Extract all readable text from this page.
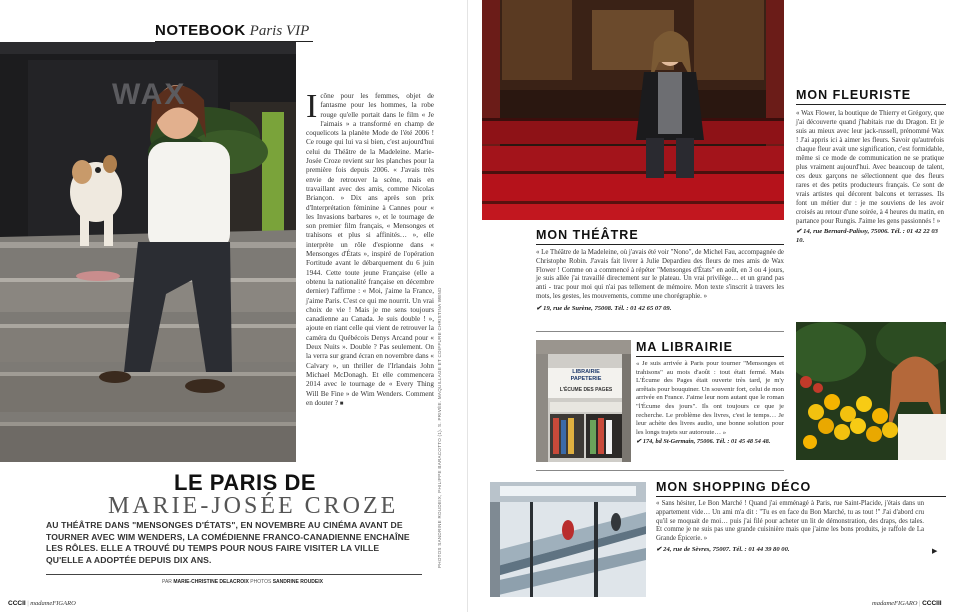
NOTEBOOK Paris VIP
WAX	Icône pour les femmes, objet de fantasme pour les hommes, la robe rouge qu'elle portait dans le film « Je l'aimais » a transformé en champ de coquelicots la planète Mode de l'été 2006 ! Ce rouge qui lui va si bien, c'est aujourd'hui celui du Théâtre de la Madeleine. Marie-Josée Croze revient sur les planches pour la première fois depuis 2006. « J'avais très envie de retrouver la scène, mais en travaillant avec des amis, comme Nicolas Briançon. » Dix ans après son prix d'Interprétation féminine à Cannes pour « les Invasions barbares », et le tournage de son premier film français, « Mensonges et trahisons et plus si affinités… », elle interprète un rôle d'espionne dans « Mensonges d'États », inspiré de l'opération Fortitude avant le débarquement du 6 juin 1944. Cette toute jeune Française (elle a obtenu la nationalité française en décembre dernier) l'affirme : « Moi, j'aime la France, j'aime Paris. C'est ce qui me nourrit. Un vrai choix de vie ! Mais je me sens toujours canadienne au Canada. Je suis double ! », ajoute en riant celle qui vient de retrouver la caméra du Québécois Denys Arcand pour « Deux Nuits ». Double ? Pas seulement. On la verra sur grand écran en novembre dans « Calvary », un thriller de l'Irlandais John Michael McDonagh. Et elle commencera 2014 avec le tournage de « Every Thing Will Be Fine » de Wim Wenders. Comment en douter ? ■	PHOTOS SANDRINE ROUDEIX, PHILIPPE BARACOTTO (1). S. PRIVÉE. MAQUILLAGE ET COIFFURE CHRISTINA WEND
LE PARIS DE
MARIE-JOSÉE CROZE
AU THÉÂTRE DANS "MENSONGES D'ÉTATS", EN NOVEMBRE AU CINÉMA AVANT DE TOURNER AVEC WIM WENDERS, LA COMÉDIENNE FRANCO-CANADIENNE ENCHAÎNE LES RÔLES. ELLE A TROUVÉ DU TEMPS POUR NOUS FAIRE VISITER LA VILLE QU'ELLE A ADOPTÉE DEPUIS DIX ANS.
PAR MARIE-CHRISTINE DELACROIX PHOTOS SANDRINE ROUDEIX
CCCII | madameFIGARO
MON FLEURISTE

« Wax Flower, la boutique de Thierry et Grégory, que j'ai découverte quand j'habitais rue du Dragon. Et je suis au mieux avec leur jack-russell, prénommé Wax ! J'ai appris ici à aimer les fleurs. Savoir qu'autrefois chaque fleur avait une signification, c'est formidable, même si ce mode de communication ne se pratique plus vraiment aujourd'hui. Avec beaucoup de talent, ces deux garçons ne sélectionnent que des fleurs rares et des petits producteurs français. Ce sont de vrais artistes qui décorent balcons et terrasses. Ils font un métier dur : je me souviens de les avoir croisés au retour d'une soirée, à 4 heures du matin, en partance pour Rungis. J'aime les gens passionnés ! »

✔ 14, rue Bernard-Palissy, 75006. Tél. : 01 42 22 03 10.

MON THÉÂTRE

« Le Théâtre de la Madeleine, où j'avais été voir "Nono", de Michel Fau, accompagnée de Christophe Robin. J'avais fait livrer à Julie Depardieu des fleurs de mes amis de Wax Flower ! Comme on a commencé à répéter "Mensonges d'États" en août, en 3 ou 4 jours, je suis allée j'ai travaillé directement sur le plateau. Un vrai privilège… et un grand pas anti - trac pour moi qui n'ai pas tellement de mémoire. Mon texte s'inscrit à travers les mots, les gestes, les mouvements, comme une chorégraphie. »

✔ 19, rue de Surène, 75008. Tél. : 01 42 65 07 09.

LIBRAIRIE
PAPETERIE
L'ÉCUME DES PAGES
MA LIBRAIRIE

« Je suis arrivée à Paris pour tourner "Mensonges et trahisons" au mois d'août : tout était fermé. Mais L'Écume des Pages était ouverte très tard, je m'y arrêtais pour bouquiner. Un souvenir fort, celui de mon arrivée en France. J'aime leur nom autant que le roman "l'Écume des jours". Ils ont toujours ce que je recherche. Le problème des livres, c'est le temps… Je leur achète des livres audio, une bonne solution pour les longs trajets sur autoroute… »

✔ 174, bd St-Germain, 75006. Tél. : 01 45 48 54 48.

MON SHOPPING DÉCO

« Sans hésiter, Le Bon Marché ! Quand j'ai emménagé à Paris, rue Saint-Placide, j'étais dans un appartement vide… Un ami m'a dit : "Tu es en face du Bon Marché, tu as tout !" J'ai d'abord cru qu'il se moquait de moi… puis j'ai filé pour acheter un lit de démonstration, des draps, des tales. Et comme je ne suis pas une grande cuisinière mais que j'aime les bons produits, je raffole de La Grande Épicerie. »

✔ 24, rue de Sèvres, 75007. Tél. : 01 44 39 80 00.	▶
madameFIGARO | CCCIII
